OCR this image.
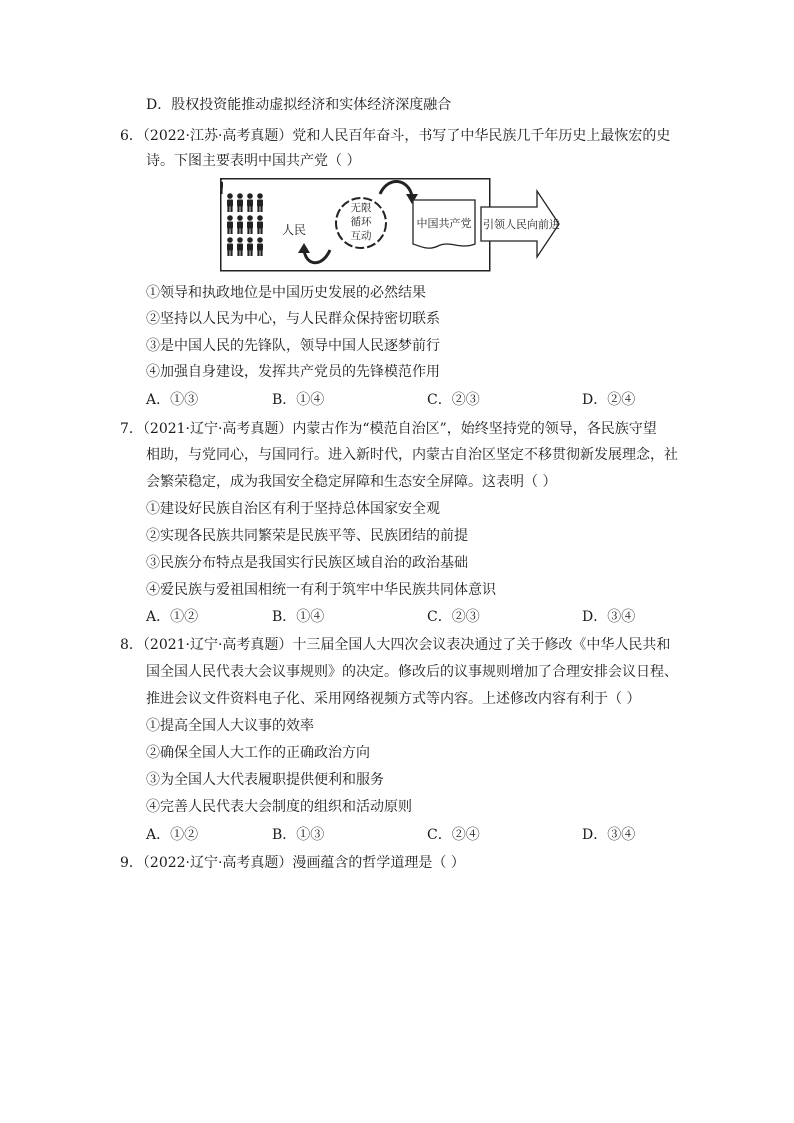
D．股权投资能推动虚拟经济和实体经济深度融合
6．（2022·江苏·高考真题）党和人民百年奋斗，书写了中华民族几千年历史上最恢宏的史
诗。下图主要表明中国共产党（ ）
人民
无限
循环
互动
中国共产党 引领人民向前进
①领导和执政地位是中国历史发展的必然结果
②坚持以人民为中心，与人民群众保持密切联系
③是中国人民的先锋队，领导中国人民逐梦前行
④加强自身建设，发挥共产党员的先锋模范作用
A．①③	B．①④	C．②③	D．②④
7．（2021·辽宁·高考真题）内蒙古作为“模范自治区”，始终坚持党的领导，各民族守望
相助，与党同心，与国同行。进入新时代，内蒙古自治区坚定不移贯彻新发展理念，社
会繁荣稳定，成为我国安全稳定屏障和生态安全屏障。这表明（ ）
①建设好民族自治区有利于坚持总体国家安全观
②实现各民族共同繁荣是民族平等、民族团结的前提
③民族分布特点是我国实行民族区域自治的政治基础
④爱民族与爱祖国相统一有利于筑牢中华民族共同体意识
A．①②	B．①④	C．②③	D．③④
8．（2021·辽宁·高考真题）十三届全国人大四次会议表决通过了关于修改《中华人民共和
国全国人民代表大会议事规则》的决定。修改后的议事规则增加了合理安排会议日程、
推进会议文件资料电子化、采用网络视频方式等内容。上述修改内容有利于（ ）
①提高全国人大议事的效率
②确保全国人大工作的正确政治方向
③为全国人大代表履职提供便利和服务
④完善人民代表大会制度的组织和活动原则
A．①②	B．①③	C．②④	D．③④
9．（2022·辽宁·高考真题）漫画蕴含的哲学道理是（ ）
